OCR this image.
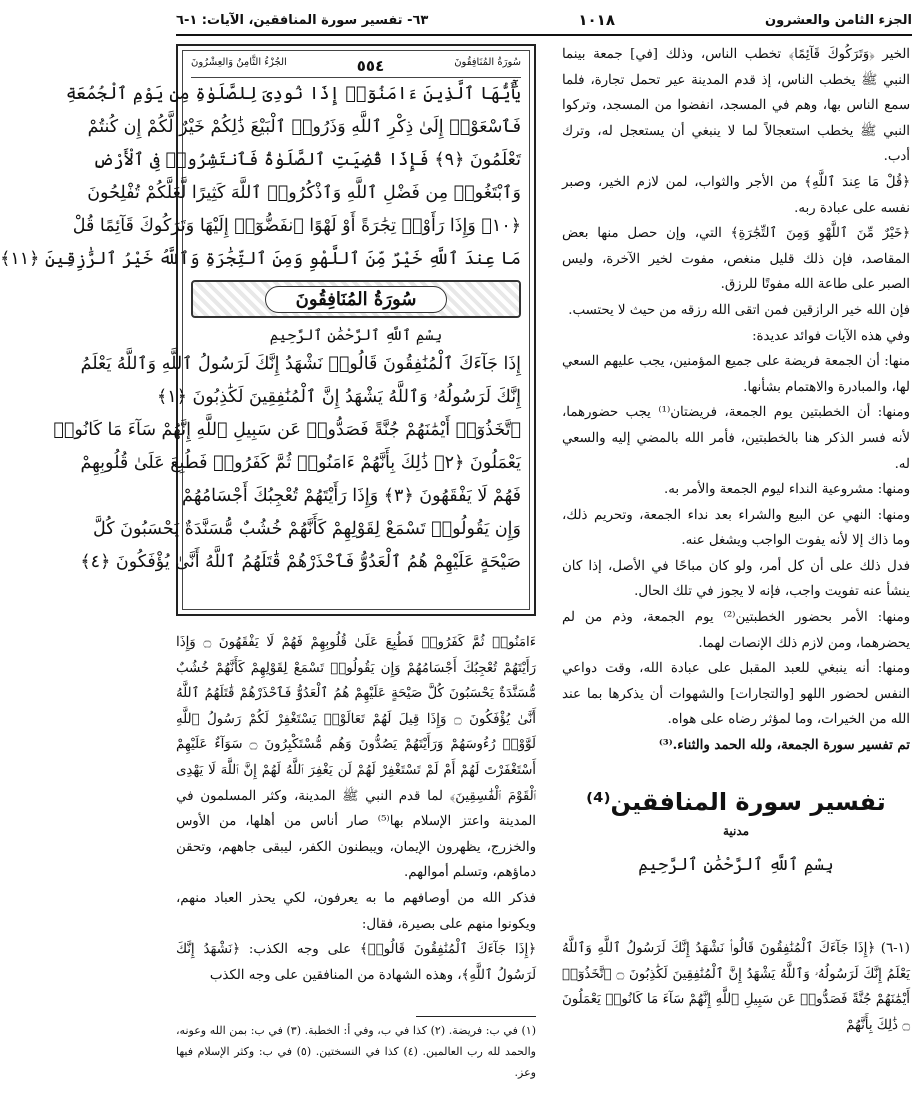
الجزء الثامن والعشرون
١٠١٨
٦٣- تفسير سورة المنافقين، الآيات: ١-٦

الخير ﴿وَتَرَكُوكَ قَآئِمًا﴾ تخطب الناس، وذلك [في] جمعة بينما النبي ﷺ يخطب الناس، إذ قدم المدينة عير تحمل تجارة، فلما سمع الناس بها، وهم في المسجد، انفضوا من المسجد، وتركوا النبي ﷺ يخطب استعجالاً لما لا ينبغي أن يستعجل له، وترك أدب.

﴿قُلْ مَا عِندَ ٱللَّهِ﴾ من الأجر والثواب، لمن لازم الخير، وصبر نفسه على عبادة ربه.

﴿خَيْرٌ مِّنَ ٱللَّهْوِ وَمِنَ ٱلتِّجَٰرَةِ﴾ التي، وإن حصل منها بعض المقاصد، فإن ذلك قليل منغص، مفوت لخير الآخرة، وليس الصبر على طاعة الله مفوتًا للرزق.

فإن الله خير الرازقين فمن اتقى الله رزقه من حيث لا يحتسب.

وفي هذه الآيات فوائد عديدة:

منها: أن الجمعة فريضة على جميع المؤمنين، يجب عليهم السعي لها، والمبادرة والاهتمام بشأنها.

ومنها: أن الخطبتين يوم الجمعة، فريضتان⁽¹⁾ يجب حضورهما، لأنه فسر الذكر هنا بالخطبتين، فأمر الله بالمضي إليه والسعي له.

ومنها: مشروعية النداء ليوم الجمعة والأمر به.

ومنها: النهي عن البيع والشراء بعد نداء الجمعة، وتحريم ذلك، وما ذاك إلا لأنه يفوت الواجب ويشغل عنه.

فدل ذلك على أن كل أمر، ولو كان مباحًا في الأصل، إذا كان ينشأ عنه تفويت واجب، فإنه لا يجوز في تلك الحال.

ومنها: الأمر بحضور الخطبتين⁽²⁾ يوم الجمعة، وذم من لم يحضرهما، ومن لازم ذلك الإنصات لهما.

ومنها: أنه ينبغي للعبد المقبل على عبادة الله، وقت دواعي النفس لحضور اللهو [والتجارات] والشهوات أن يذكرها بما عند الله من الخيرات، وما لمؤثر رضاه على هواه.

تم تفسير سورة الجمعة، ولله الحمد والثناء.⁽³⁾

تفسير سورة المنافقين⁽⁴⁾
مدنية
بِسْمِ ٱللَّهِ ٱلرَّحْمَٰنِ ٱلرَّحِيمِ

(١-٦) ﴿إِذَا جَآءَكَ ٱلْمُنَٰفِقُونَ قَالُوا۟ نَشْهَدُ إِنَّكَ لَرَسُولُ ٱللَّهِ وَٱللَّهُ يَعْلَمُ إِنَّكَ لَرَسُولُهُۥ وَٱللَّهُ يَشْهَدُ إِنَّ ٱلْمُنَٰفِقِينَ لَكَٰذِبُونَ ۝ ٱتَّخَذُوٓا۟ أَيْمَٰنَهُمْ جُنَّةً فَصَدُّوا۟ عَن سَبِيلِ ٱللَّهِ إِنَّهُمْ سَآءَ مَا كَانُوا۟ يَعْمَلُونَ ۝ ذَٰلِكَ بِأَنَّهُمْ

سُورَةُ المُنَافِقُونَ
٥٥٤
الجُزْءُ الثَّامِنُ وَالعِشْرُونَ
يَٰٓأَيُّهَا ٱلَّذِينَ ءَامَنُوٓا۟ إِذَا نُودِىَ لِلصَّلَوٰةِ مِن يَوْمِ ٱلْجُمُعَةِ
فَٱسْعَوْا۟ إِلَىٰ ذِكْرِ ٱللَّهِ وَذَرُوا۟ ٱلْبَيْعَ ذَٰلِكُمْ خَيْرٌ لَّكُمْ إِن كُنتُمْ
تَعْلَمُونَ ﴿٩﴾ فَإِذَا قُضِيَتِ ٱلصَّلَوٰةُ فَٱنتَشِرُوا۟ فِى ٱلْأَرْضِ
وَٱبْتَغُوا۟ مِن فَضْلِ ٱللَّهِ وَٱذْكُرُوا۟ ٱللَّهَ كَثِيرًا لَّعَلَّكُمْ تُفْلِحُونَ
﴿١٠﴾ وَإِذَا رَأَوْا۟ تِجَٰرَةً أَوْ لَهْوًا ٱنفَضُّوٓا۟ إِلَيْهَا وَتَرَكُوكَ قَآئِمًا قُلْ
مَا عِندَ ٱللَّهِ خَيْرٌ مِّنَ ٱللَّهْوِ وَمِنَ ٱلتِّجَٰرَةِ وَٱللَّهُ خَيْرُ ٱلرَّٰزِقِينَ ﴿١١﴾
سُورَةُ المُنَافِقُونَ
بِسْمِ ٱللَّهِ ٱلرَّحْمَٰنِ ٱلرَّحِيمِ
إِذَا جَآءَكَ ٱلْمُنَٰفِقُونَ قَالُوا۟ نَشْهَدُ إِنَّكَ لَرَسُولُ ٱللَّهِ وَٱللَّهُ يَعْلَمُ
إِنَّكَ لَرَسُولُهُۥ وَٱللَّهُ يَشْهَدُ إِنَّ ٱلْمُنَٰفِقِينَ لَكَٰذِبُونَ ﴿١﴾
ٱتَّخَذُوٓا۟ أَيْمَٰنَهُمْ جُنَّةً فَصَدُّوا۟ عَن سَبِيلِ ٱللَّهِ إِنَّهُمْ سَآءَ مَا كَانُوا۟
يَعْمَلُونَ ﴿٢﴾ ذَٰلِكَ بِأَنَّهُمْ ءَامَنُوا۟ ثُمَّ كَفَرُوا۟ فَطُبِعَ عَلَىٰ قُلُوبِهِمْ
فَهُمْ لَا يَفْقَهُونَ ﴿٣﴾ وَإِذَا رَأَيْتَهُمْ تُعْجِبُكَ أَجْسَامُهُمْ
وَإِن يَقُولُوا۟ تَسْمَعْ لِقَوْلِهِمْ كَأَنَّهُمْ خُشُبٌ مُّسَنَّدَةٌ يَحْسَبُونَ كُلَّ
صَيْحَةٍ عَلَيْهِمْ هُمُ ٱلْعَدُوُّ فَٱحْذَرْهُمْ قَٰتَلَهُمُ ٱللَّهُ أَنَّىٰ يُؤْفَكُونَ ﴿٤﴾

ءَامَنُوا۟ ثُمَّ كَفَرُوا۟ فَطُبِعَ عَلَىٰ قُلُوبِهِمْ فَهُمْ لَا يَفْقَهُونَ ۝ وَإِذَا رَأَيْتَهُمْ تُعْجِبُكَ أَجْسَامُهُمْ وَإِن يَقُولُوا۟ تَسْمَعْ لِقَوْلِهِمْ كَأَنَّهُمْ خُشُبٌ مُّسَنَّدَةٌ يَحْسَبُونَ كُلَّ صَيْحَةٍ عَلَيْهِمْ هُمُ ٱلْعَدُوُّ فَٱحْذَرْهُمْ قَٰتَلَهُمُ ٱللَّهُ أَنَّىٰ يُؤْفَكُونَ ۝ وَإِذَا قِيلَ لَهُمْ تَعَالَوْا۟ يَسْتَغْفِرْ لَكُمْ رَسُولُ ٱللَّهِ لَوَّوْا۟ رُءُوسَهُمْ وَرَأَيْتَهُمْ يَصُدُّونَ وَهُم مُّسْتَكْبِرُونَ ۝ سَوَآءٌ عَلَيْهِمْ أَسْتَغْفَرْتَ لَهُمْ أَمْ لَمْ تَسْتَغْفِرْ لَهُمْ لَن يَغْفِرَ ٱللَّهُ لَهُمْ إِنَّ ٱللَّهَ لَا يَهْدِى ٱلْقَوْمَ ٱلْفَٰسِقِينَ﴾ لما قدم النبي ﷺ المدينة، وكثر المسلمون في المدينة واعتز الإسلام بها⁽⁵⁾ صار أناس من أهلها، من الأوس والخزرج، يظهرون الإيمان، ويبطنون الكفر، ليبقى جاههم، وتحقن دماؤهم، وتسلم أموالهم.

فذكر الله من أوصافهم ما به يعرفون، لكي يحذر العباد منهم، ويكونوا منهم على بصيرة، فقال:

﴿إِذَا جَآءَكَ ٱلْمُنَٰفِقُونَ قَالُوا۟﴾ على وجه الكذب: ﴿نَشْهَدُ إِنَّكَ لَرَسُولُ ٱللَّهِ﴾، وهذه الشهادة من المنافقين على وجه الكذب

(١) في ب: فريضة. (٢) كذا في ب، وفي أ: الخطبة. (٣) في ب: بمن الله وعونه، والحمد لله رب العالمين. (٤) كذا في النسختين. (٥) في ب: وكثر الإسلام فيها وعز.
